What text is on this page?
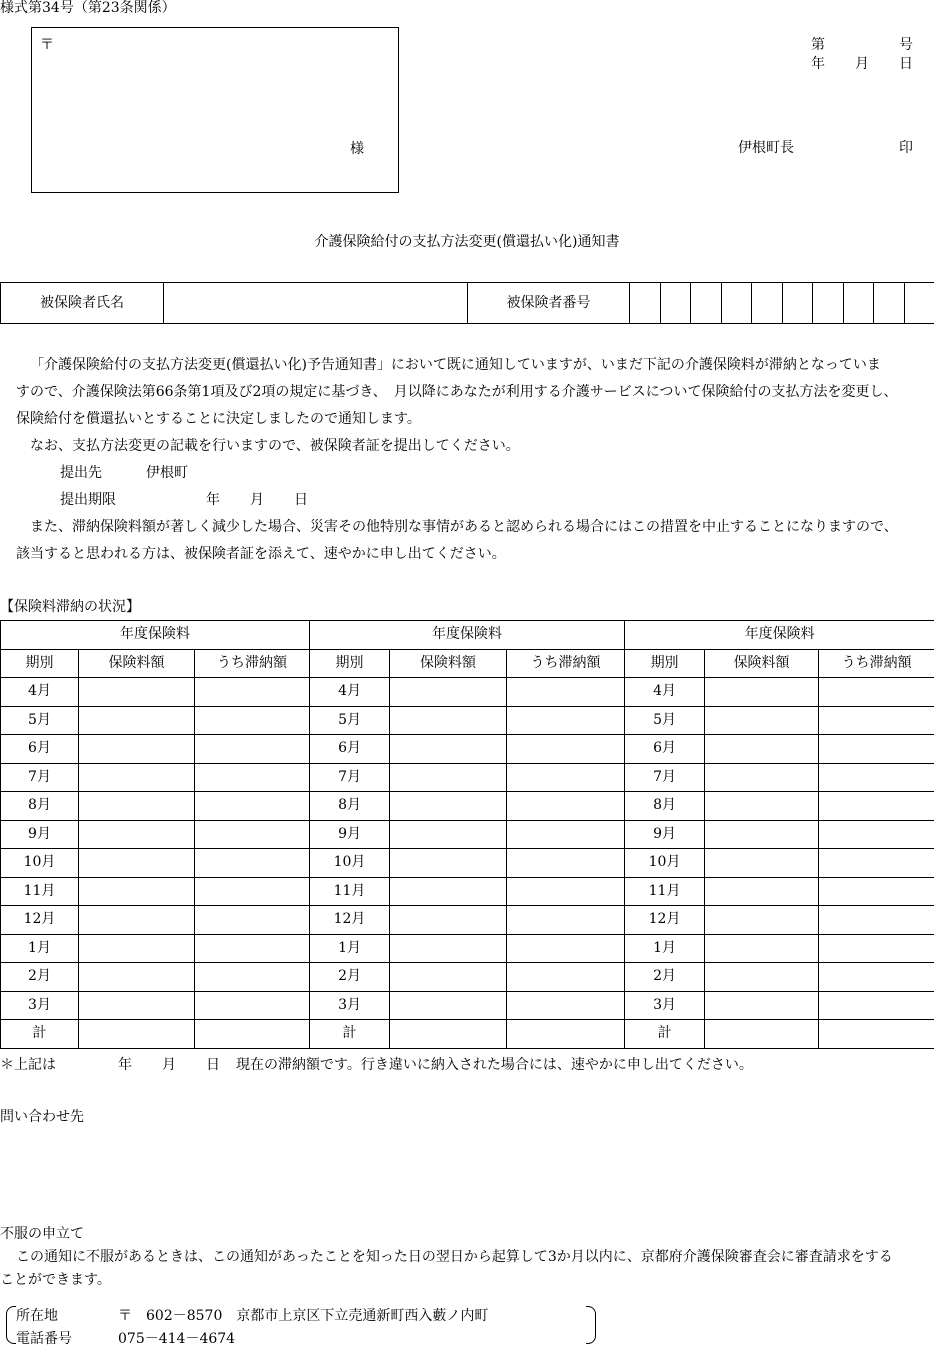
様式第34号（第23条関係）
〒
様
第	号
年 月 日
伊根町長	印
介護保険給付の支払方法変更(償還払い化)通知書
被保険者氏名		被保険者番号										

「介護保険給付の支払方法変更(償還払い化)予告通知書」において既に通知していますが、いまだ下記の介護保険料が滞納となっていま

すので、介護保険法第66条第1項及び2項の規定に基づき、　月以降にあなたが利用する介護サービスについて保険給付の支払方法を変更し、

保険給付を償還払いとすることに決定しましたので通知します。

なお、支払方法変更の記載を行いますので、被保険者証を提出してください。

提出先	伊根町

提出期限	年 月 日

また、滞納保険料額が著しく減少した場合、災害その他特別な事情があると認められる場合にはこの措置を中止することになりますので、

該当すると思われる方は、被保険者証を添えて、速やかに申し出てください。

【保険料滞納の状況】
年度保険料			年度保険料			年度保険料		
期別	保険料額	うち滞納額	期別	保険料額	うち滞納額	期別	保険料額	うち滞納額
4月			4月			4月		
5月			5月			5月		
6月			6月			6月		
7月			7月			7月		
8月			8月			8月		
9月			9月			9月		
10月			10月			10月		
11月			11月			11月		
12月			12月			12月		
1月			1月			1月		
2月			2月			2月		
3月			3月			3月		
計			計			計		
＊上記は	年 月 日 現在の滞納額です。行き違いに納入された場合には、速やかに申し出てください。
問い合わせ先
不服の申立て
この通知に不服があるときは、この通知があったことを知った日の翌日から起算して3か月以内に、京都府介護保険審査会に審査請求をする
ことができます。
所在地	〒　602－8570　京都市上京区下立売通新町西入藪ノ内町
電話番号	075－414－4674
